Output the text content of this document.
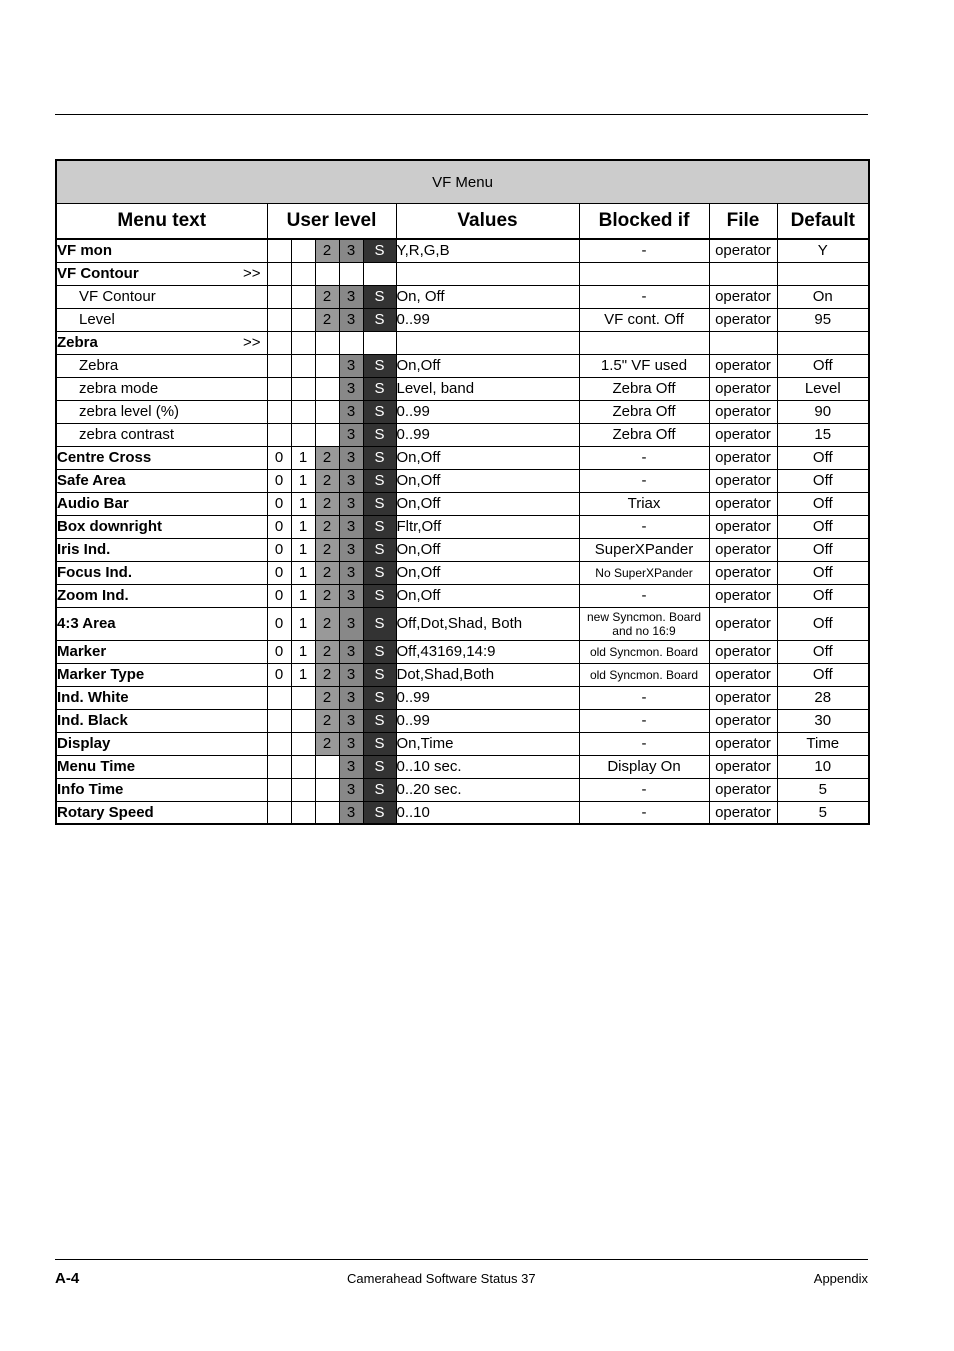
VF Menu									
Menu text	User level					Values	Blocked if	File	Default

VF mon			2	3	S	Y,R,G,B	-	operator	Y

VF Contour >>									

VF Contour			2	3	S	On, Off	-	operator	On

Level			2	3	S	0..99	VF cont. Off	operator	95

Zebra >>									

Zebra				3	S	On,Off	1.5" VF used	operator	Off

zebra mode				3	S	Level, band	Zebra Off	operator	Level

zebra level (%)				3	S	0..99	Zebra Off	operator	90

zebra contrast				3	S	0..99	Zebra Off	operator	15

Centre Cross	0	1	2	3	S	On,Off	-	operator	Off

Safe Area	0	1	2	3	S	On,Off	-	operator	Off

Audio Bar	0	1	2	3	S	On,Off	Triax	operator	Off

Box downright	0	1	2	3	S	Fltr,Off	-	operator	Off

Iris Ind.	0	1	2	3	S	On,Off	SuperXPander	operator	Off

Focus Ind.	0	1	2	3	S	On,Off	No SuperXPander	operator	Off

Zoom Ind.	0	1	2	3	S	On,Off	-	operator	Off

4:3 Area	0	1	2	3	S	Off,Dot,Shad, Both	new Syncmon. Board and no 16:9	operator	Off

Marker	0	1	2	3	S	Off,43169,14:9	old Syncmon. Board	operator	Off

Marker Type	0	1	2	3	S	Dot,Shad,Both	old Syncmon. Board	operator	Off

Ind. White			2	3	S	0..99	-	operator	28

Ind. Black			2	3	S	0..99	-	operator	30

Display			2	3	S	On,Time	-	operator	Time

Menu Time				3	S	0..10 sec.	Display On	operator	10

Info Time				3	S	0..20 sec.	-	operator	5

Rotary Speed				3	S	0..10	-	operator	5
A-4	Camerahead Software Status 37	Appendix
